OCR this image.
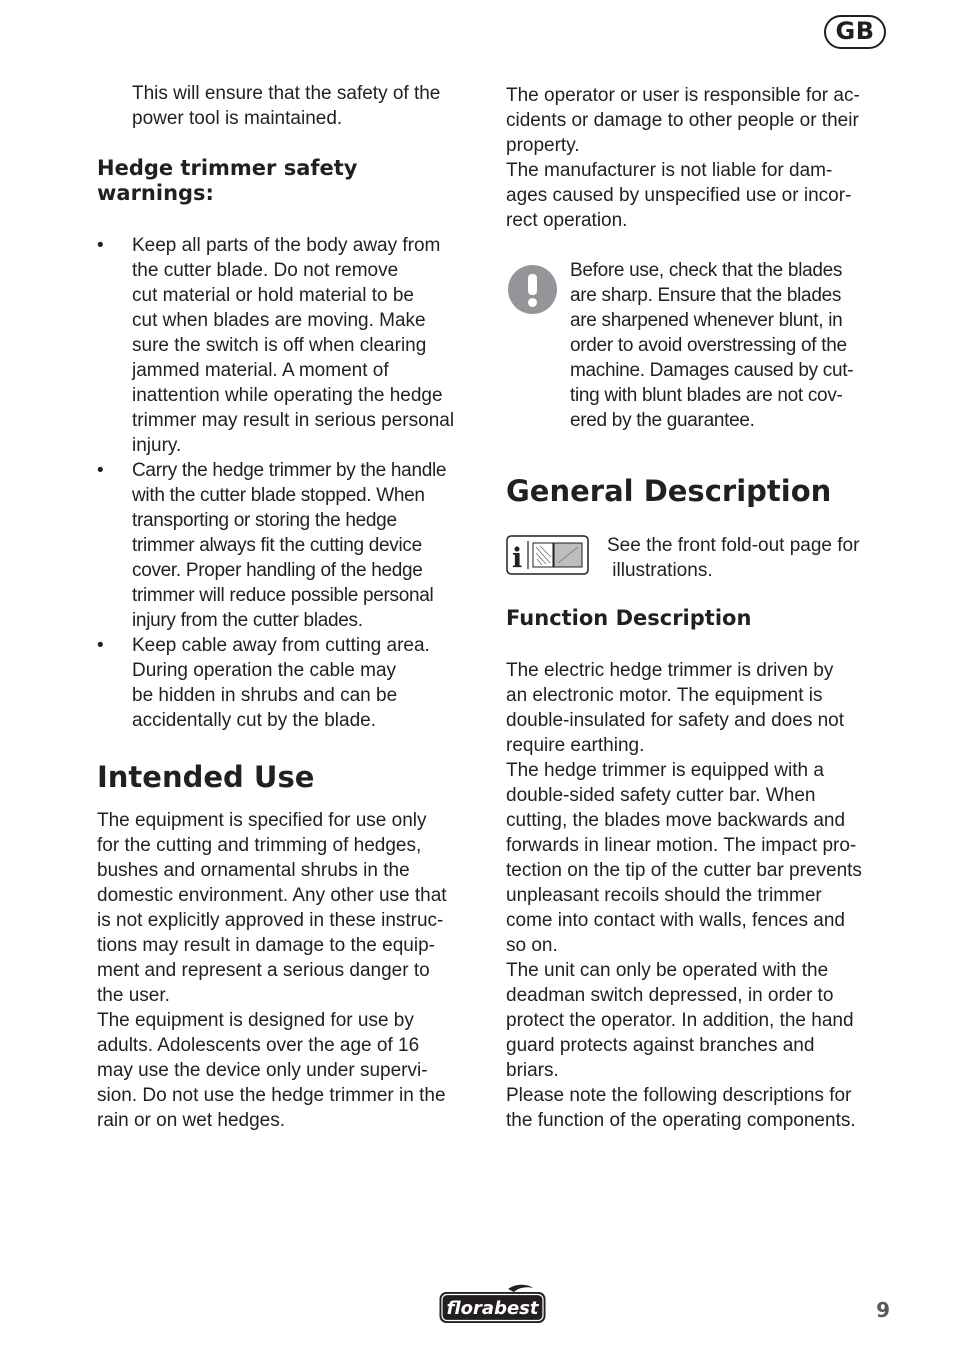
GB

This will ensure that the safety of the

power tool is maintained.

Hedge trimmer safety

warnings:

• Keep all parts of the body away from
the cutter blade. Do not remove
cut material or hold material to be
cut when blades are moving. Make
sure the switch is off when clearing
jammed material. A moment of
inattention while operating the hedge
trimmer may result in serious personal
injury.
• Carry the hedge trimmer by the handle
with the cutter blade stopped. When
transporting or storing the hedge
trimmer always fit the cutting device
cover. Proper handling of the hedge
trimmer will reduce possible personal
injury from the cutter blades.
• Keep cable away from cutting area.
During operation the cable may
be hidden in shrubs and can be
accidentally cut by the blade.
Intended Use

The equipment is specified for use only

for the cutting and trimming of hedges,

bushes and ornamental shrubs in the

domestic environment. Any other use that

is not explicitly approved in these instruc-

tions may result in damage to the equip-

ment and represent a serious danger to

the user.

The equipment is designed for use by

adults. Adolescents over the age of 16

may use the device only under supervi-

sion. Do not use the hedge trimmer in the

rain or on wet hedges.

The operator or user is responsible for ac-

cidents or damage to other people or their

property.

The manufacturer is not liable for dam-

ages caused by unspecified use or incor-

rect operation.

Before use, check that the blades

are sharp. Ensure that the blades

are sharpened whenever blunt, in

order to avoid overstressing of the

machine. Damages caused by cut-

ting with blunt blades are not cov-

ered by the guarantee.

General Description
i	See the front fold-out page for

illustrations.

Function Description

The electric hedge trimmer is driven by

an electronic motor. The equipment is

double-insulated for safety and does not

require earthing.

The hedge trimmer is equipped with a

double-sided safety cutter bar. When

cutting, the blades move backwards and

forwards in linear motion. The impact pro-

tection on the tip of the cutter bar prevents

unpleasant recoils should the trimmer

come into contact with walls, fences and

so on.

The unit can only be operated with the

deadman switch depressed, in order to

protect the operator. In addition, the hand

guard protects against branches and

briars.

Please note the following descriptions for

the function of the operating components.

florabest	9
